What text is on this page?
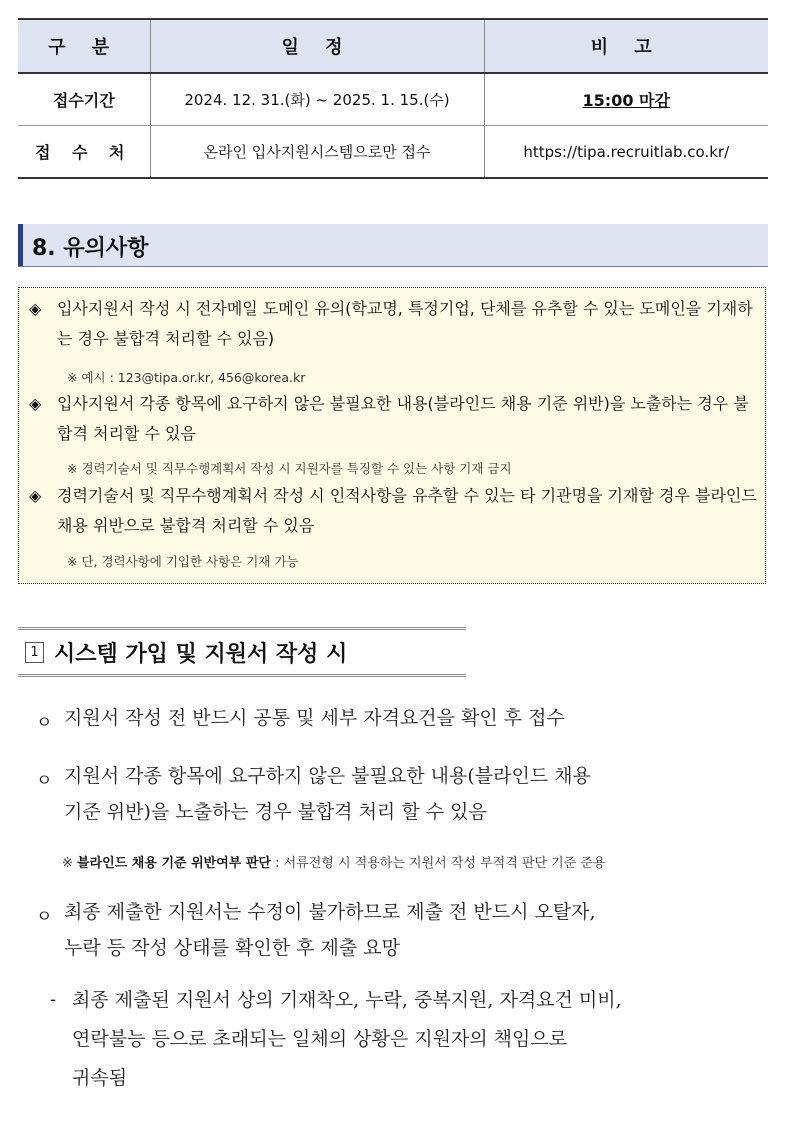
구 분	일 정	비 고
접수기간	2024. 12. 31.(화) ~ 2025. 1. 15.(수)	15:00 마감
접 수 처	온라인 입사지원시스템으로만 접수	https://tipa.recruitlab.co.kr/
8. 유의사항
◈ 입사지원서 작성 시 전자메일 도메인 유의(학교명, 특정기업, 단체를 유추할 수 있는 도메인을 기재하는 경우 불합격 처리할 수 있음)
※ 예시 : 123@tipa.or.kr, 456@korea.kr
◈ 입사지원서 각종 항목에 요구하지 않은 불필요한 내용(블라인드 채용 기준 위반)을 노출하는 경우 불합격 처리할 수 있음
※ 경력기술서 및 직무수행계획서 작성 시 지원자를 특징할 수 있는 사항 기재 금지
◈ 경력기술서 및 직무수행계획서 작성 시 인적사항을 유추할 수 있는 타 기관명을 기재할 경우 블라인드 채용 위반으로 불합격 처리할 수 있음
※ 단, 경력사항에 기입한 사항은 기재 가능
1 시스템 가입 및 지원서 작성 시
ㅇ 지원서 작성 전 반드시 공통 및 세부 자격요건을 확인 후 접수
ㅇ 지원서 각종 항목에 요구하지 않은 불필요한 내용(블라인드 채용
기준 위반)을 노출하는 경우 불합격 처리 할 수 있음
※ 블라인드 채용 기준 위반여부 판단 : 서류전형 시 적용하는 지원서 작성 부적격 판단 기준 준용
ㅇ 최종 제출한 지원서는 수정이 불가하므로 제출 전 반드시 오탈자,
누락 등 작성 상태를 확인한 후 제출 요망
- 최종 제출된 지원서 상의 기재착오, 누락, 중복지원, 자격요건 미비,
연락불능 등으로 초래되는 일체의 상황은 지원자의 책임으로
귀속됨
